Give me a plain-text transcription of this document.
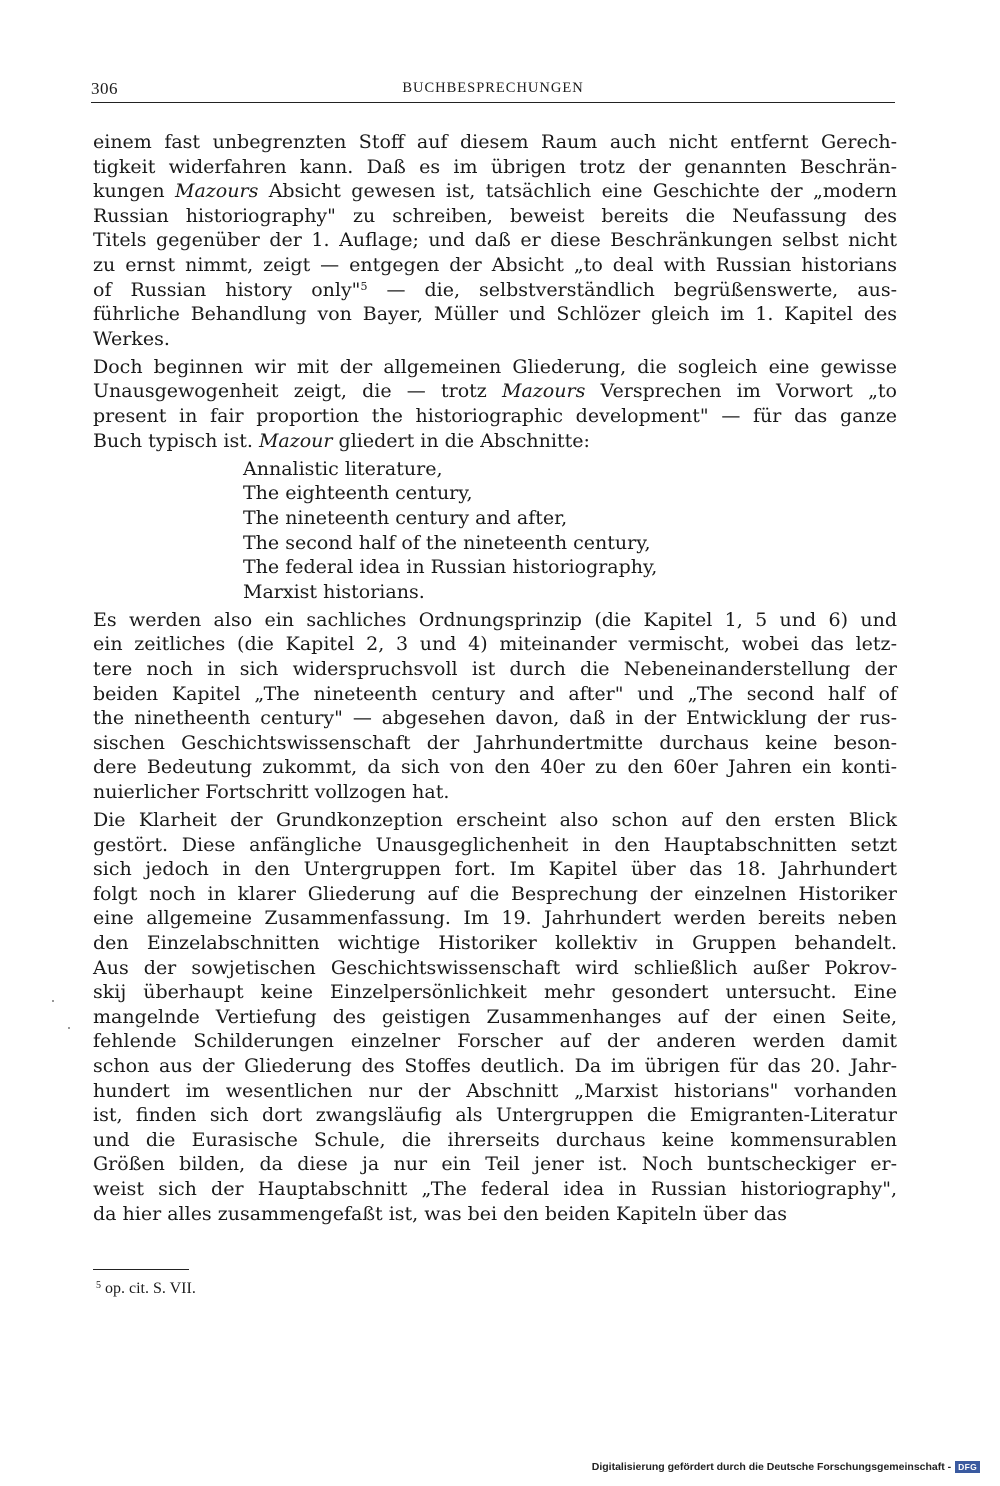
306	BUCHBESPRECHUNGEN
einem fast unbegrenzten Stoff auf diesem Raum auch nicht entfernt Gerech-
tigkeit widerfahren kann. Daß es im übrigen trotz der genannten Beschrän-
kungen Mazours Absicht gewesen ist, tatsächlich eine Geschichte der „modern
Russian historiography" zu schreiben, beweist bereits die Neufassung des
Titels gegenüber der 1. Auflage; und daß er diese Beschränkungen selbst nicht
zu ernst nimmt, zeigt — entgegen der Absicht „to deal with Russian historians
of Russian history only"$^5$ — die, selbstverständlich begrüßenswerte, aus-
führliche Behandlung von Bayer, Müller und Schlözer gleich im 1. Kapitel des
Werkes.
Doch beginnen wir mit der allgemeinen Gliederung, die sogleich eine gewisse
Unausgewogenheit zeigt, die — trotz Mazours Versprechen im Vorwort „to
present in fair proportion the historiographic development" — für das ganze
Buch typisch ist. Mazour gliedert in die Abschnitte:
Annalistic literature,
The eighteenth century,
The nineteenth century and after,
The second half of the nineteenth century,
The federal idea in Russian historiography,
Marxist historians.
Es werden also ein sachliches Ordnungsprinzip (die Kapitel 1, 5 und 6) und
ein zeitliches (die Kapitel 2, 3 und 4) miteinander vermischt, wobei das letz-
tere noch in sich widerspruchsvoll ist durch die Nebeneinanderstellung der
beiden Kapitel „The nineteenth century and after" und „The second half of
the ninetheenth century" — abgesehen davon, daß in der Entwicklung der rus-
sischen Geschichtswissenschaft der Jahrhundertmitte durchaus keine beson-
dere Bedeutung zukommt, da sich von den 40er zu den 60er Jahren ein konti-
nuierlicher Fortschritt vollzogen hat.
Die Klarheit der Grundkonzeption erscheint also schon auf den ersten Blick
gestört. Diese anfängliche Unausgeglichenheit in den Hauptabschnitten setzt
sich jedoch in den Untergruppen fort. Im Kapitel über das 18. Jahrhundert
folgt noch in klarer Gliederung auf die Besprechung der einzelnen Historiker
eine allgemeine Zusammenfassung. Im 19. Jahrhundert werden bereits neben
den Einzelabschnitten wichtige Historiker kollektiv in Gruppen behandelt.
Aus der sowjetischen Geschichtswissenschaft wird schließlich außer Pokrov-
skij überhaupt keine Einzelpersönlichkeit mehr gesondert untersucht. Eine
mangelnde Vertiefung des geistigen Zusammenhanges auf der einen Seite,
fehlende Schilderungen einzelner Forscher auf der anderen werden damit
schon aus der Gliederung des Stoffes deutlich. Da im übrigen für das 20. Jahr-
hundert im wesentlichen nur der Abschnitt „Marxist historians" vorhanden
ist, finden sich dort zwangsläufig als Untergruppen die Emigranten-Literatur
und die Eurasische Schule, die ihrerseits durchaus keine kommensurablen
Größen bilden, da diese ja nur ein Teil jener ist. Noch buntscheckiger er-
weist sich der Hauptabschnitt „The federal idea in Russian historiography",
da hier alles zusammengefaßt ist, was bei den beiden Kapiteln über das
$^5$ op. cit. S. VII.
Digitalisierung gefördert durch die Deutsche Forschungsgemeinschaft - DFG
